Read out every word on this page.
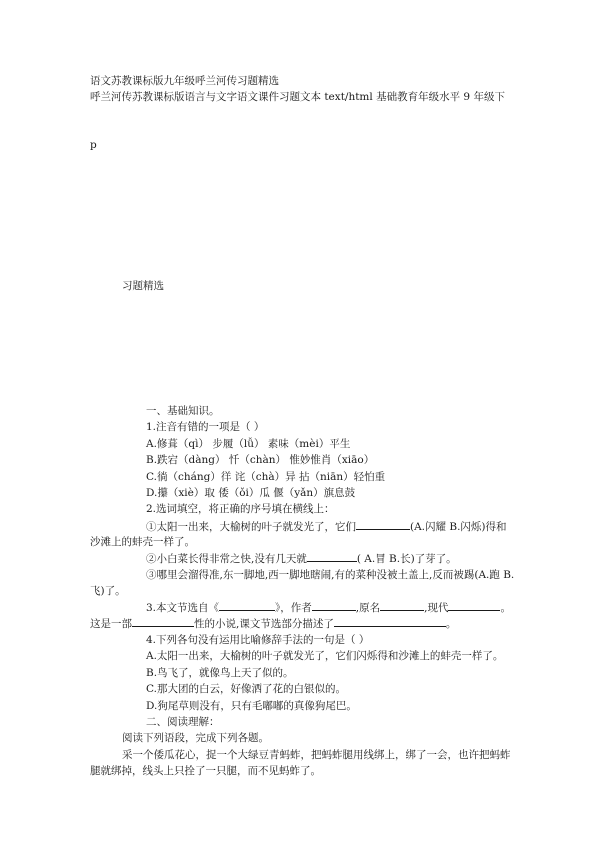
语文苏教课标版九年级呼兰河传习题精选
呼兰河传苏教课标版语言与文字语文课件习题文本 text/html 基础教育年级水平 9 年级下
p
习题精选
一、基础知识。
1.注音有错的一项是（ ）
A.修葺（qì） 步履（lǚ） 素味（mèi）平生
B.跌宕（dàng） 忏（chàn） 惟妙惟肖（xiāo）
C.徜（cháng）徉 诧（chà）异 拈（niān）轻怕重
D.攥（xiè）取 倭（ǒi）瓜 偃（yǎn）旗息鼓
2.选词填空，将正确的序号填在横线上：
①太阳一出来，大榆树的叶子就发光了，它们	(A.闪耀 B.闪烁)得和
沙滩上的蚌壳一样了。
②小白菜长得非常之快,没有几天就	( A.冒 B.长)了芽了。
③哪里会溜得准,东一脚地,西一脚地瞎闹,有的菜种没被土盖上,反而被踢(A.跑 B.
飞)了。
3.本文节选自《	》，作者	,原名	,现代	。
这是一部	性的小说,课文节选部分描述了	。
4.下列各句没有运用比喻修辞手法的一句是（ ）
A.太阳一出来，大榆树的叶子就发光了，它们闪烁得和沙滩上的蚌壳一样了。
B.鸟飞了，就像鸟上天了似的。
C.那大团的白云，好像洒了花的白银似的。
D.狗尾草则没有，只有毛嘟嘟的真像狗尾巴。
二、阅读理解：
阅读下列语段，完成下列各题。
采一个倭瓜花心，捉一个大绿豆青蚂蚱，把蚂蚱腿用线绑上，绑了一会，也许把蚂蚱
腿就绑掉，线头上只拴了一只腿，而不见蚂蚱了。
